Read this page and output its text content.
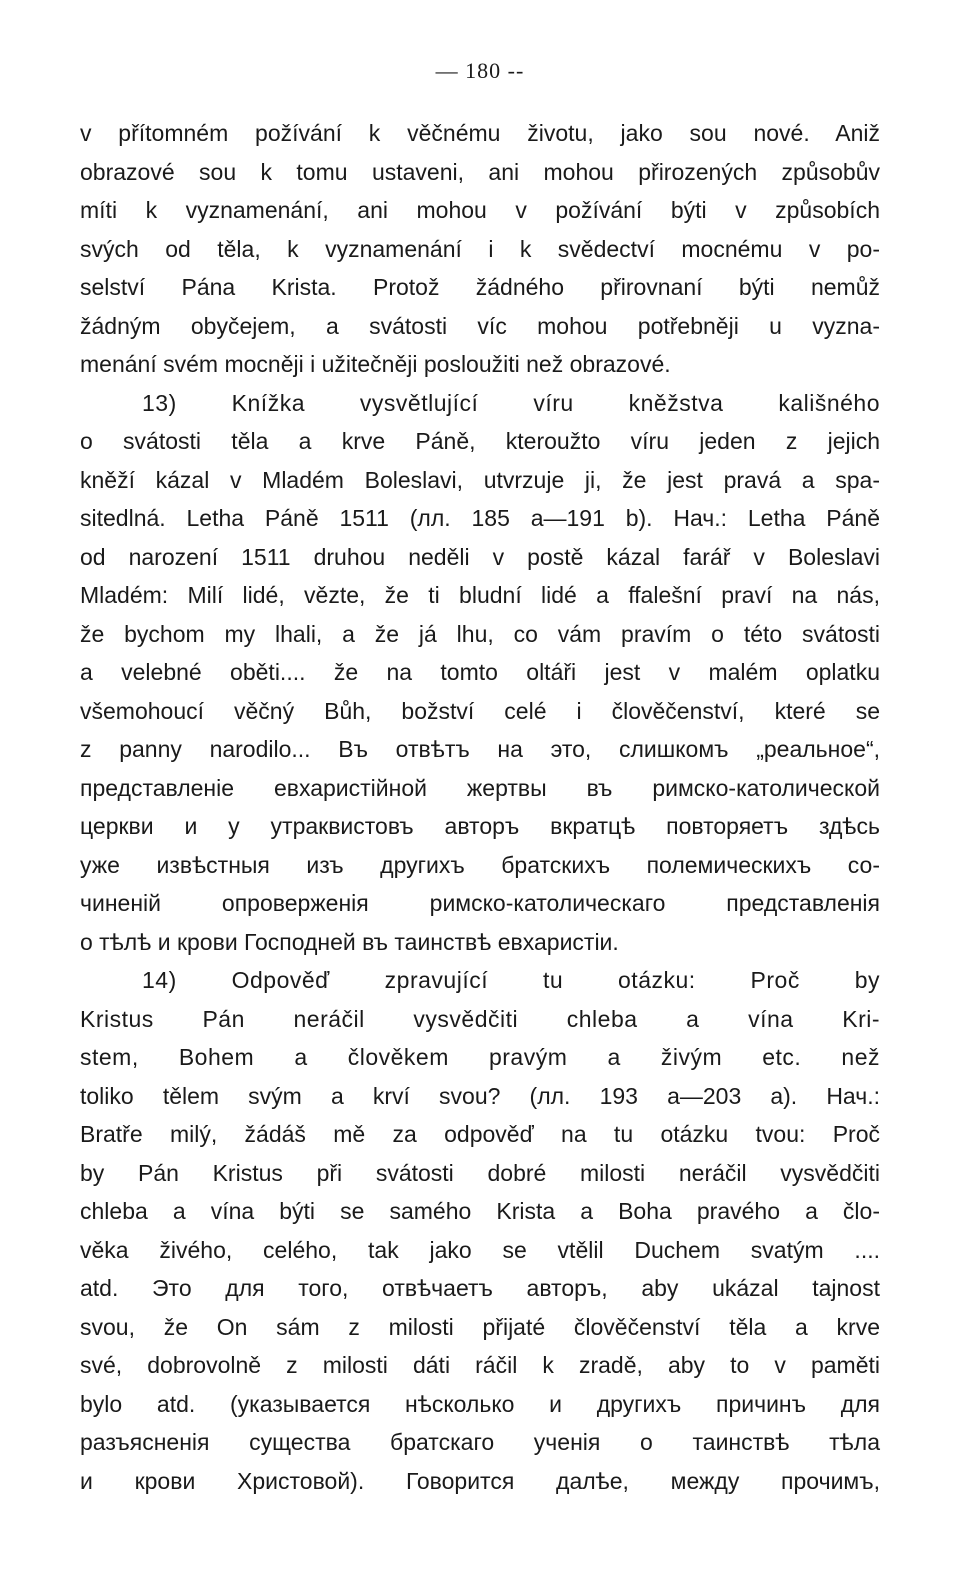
— 180 --
v přítomném požívání k věčnému životu, jako sou nové. Aniž
obrazové sou k tomu ustaveni, ani mohou přirozených způsobův
míti k vyznamenání, ani mohou v požívání býti v způsobích
svých od těla, k vyznamenání i k svědectví mocnému v po-
selství Pána Krista. Protož žádného přirovnaní býti nemůž
žádným obyčejem, a svátosti víc mohou potřebněji u vyzna-
menání svém mocněji i užitečněji posloužiti než obrazové.
13) Knížka vysvětlující víru kněžstva kališného
o svátosti těla a krve Páně, kteroužto víru jeden z jejich
kněží kázal v Mladém Boleslavi, utvrzuje ji, že jest pravá a spa-
sitedlná. Letha Páně 1511 (лл. 185 а—191 b). Нач.: Letha Páně
od narození 1511 druhou neděli v postě kázal farář v Boleslavi
Mladém: Milí lidé, vězte, že ti bludní lidé a ffalešní praví na nás,
že bychom my lhali, a že já lhu, co vám pravím o této svátosti
a velebné oběti.... že na tomto oltáři jest v malém oplatku
všemohoucí věčný Bůh, božství celé i člověčenství, které se
z panny narodilo... Въ отвѣтъ на это, слишкомъ „реальное“,
представленіе евхаристійной жертвы въ римско-католической
церкви и у утраквистовъ авторъ вкратцѣ повторяетъ здѣсь
уже извѣстныя изъ другихъ братскихъ полемическихъ со-
чиненій опроверженія римско-католическаго представленія
о тѣлѣ и крови Господней въ таинствѣ евхаристіи.
14) Odpověď zpravující tu otázku: Proč by
Kristus Pán neráčil vysvědčiti chleba a vína Kri-
stem, Bohem a člověkem pravým a živým etc. než
toliko tělem svým a krví svou? (лл. 193 а—203 а). Нач.:
Bratře milý, žádáš mě za odpověď na tu otázku tvou: Proč
by Pán Kristus při svátosti dobré milosti neráčil vysvědčiti
chleba a vína býti se samého Krista a Boha pravého a člo-
věka živého, celého, tak jako se vtělil Duchem svatým ....
atd. Это для того, отвѣчаетъ авторъ, aby ukázal tajnost
svou, že On sám z milosti přijaté člověčenství těla a krve
své, dobrovolně z milosti dáti ráčil k zradě, aby to v paměti
bylo atd. (указывается нѣсколько и другихъ причинъ для
разъясненія существа братскаго ученія о таинствѣ тѣла
и крови Христовой). Говорится далѣе, между прочимъ,
